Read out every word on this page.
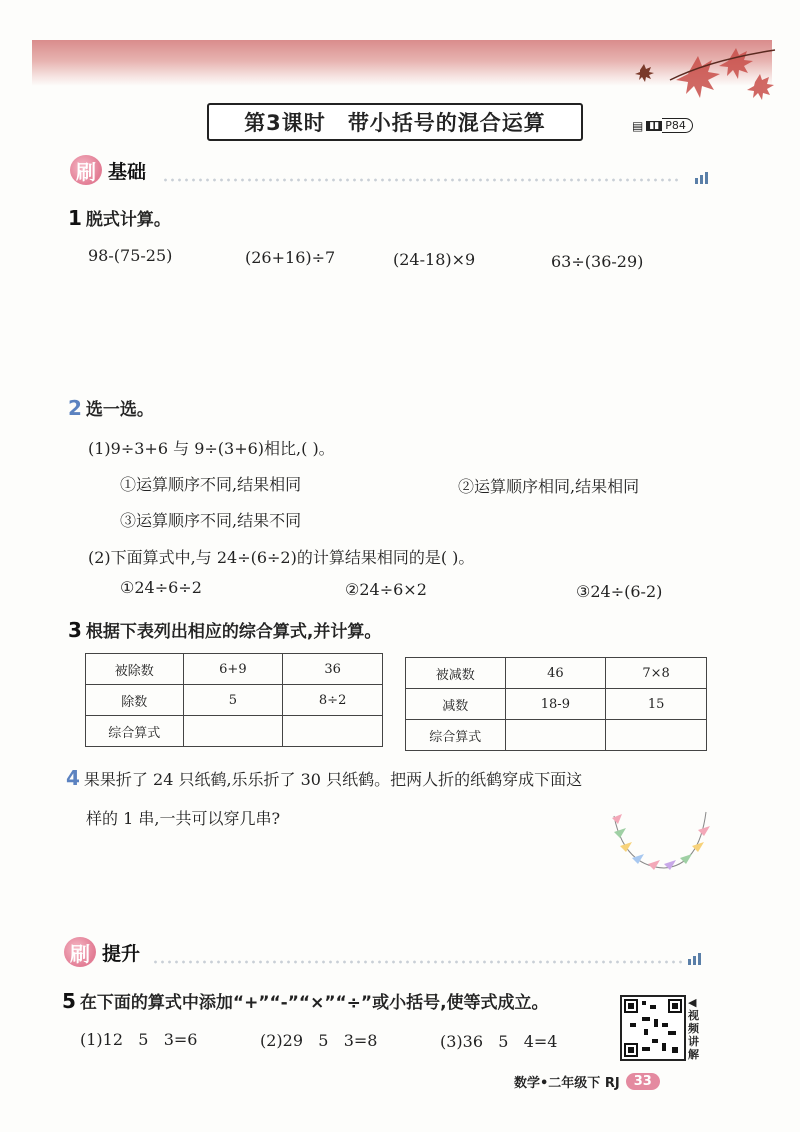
第3课时 带小括号的混合运算	▤ ▮▮ P84
刷 基础
1 脱式计算。
98-(75-25)	(26+16)÷7	(24-18)×9	63÷(36-29)
2 选一选。
(1)9÷3+6 与 9÷(3+6)相比,( )。
①运算顺序不同,结果相同	②运算顺序相同,结果相同
③运算顺序不同,结果不同
(2)下面算式中,与 24÷(6÷2)的计算结果相同的是( )。
①24÷6÷2	②24÷6×2	③24÷(6-2)
3 根据下表列出相应的综合算式,并计算。
被除数	6+9	36
除数	5	8÷2
综合算式		
被减数	46	7×8
减数	18-9	15
综合算式		
4 果果折了 24 只纸鹤,乐乐折了 30 只纸鹤。把两人折的纸鹤穿成下面这
样的 1 串,一共可以穿几串?
刷 提升
5 在下面的算式中添加“+”“-”“×”“÷”或小括号,使等式成立。
(1)12   5   3=6	(2)29   5   3=8	(3)36   5   4=4
◀视频讲解
数学•二年级下 RJ	33
